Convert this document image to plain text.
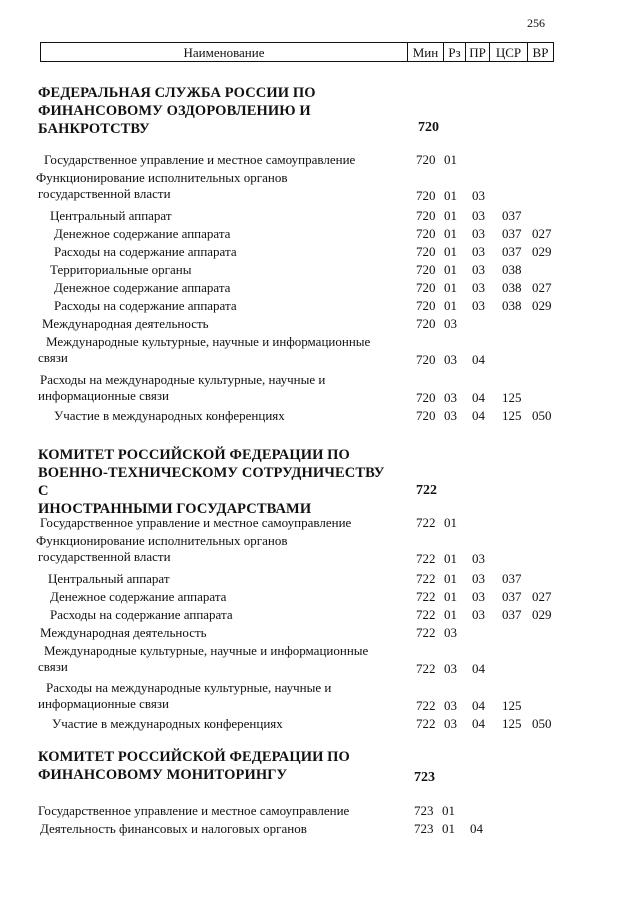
256
Наименование	Мин Рз ПР ЦСР ВР
ФЕДЕРАЛЬНАЯ СЛУЖБА РОССИИ ПО
ФИНАНСОВОМУ ОЗДОРОВЛЕНИЮ И
БАНКРОТСТВУ	720
Государственное управление и местное самоуправление	720 01
Функционирование исполнительных органов
государственной власти	720 01 03
Центральный аппарат	720 01 03 037
Денежное содержание аппарата	720 01 03 037 027
Расходы на содержание аппарата	720 01 03 037 029
Территориальные органы	720 01 03 038
Денежное содержание аппарата	720 01 03 038 027
Расходы на содержание аппарата	720 01 03 038 029
Международная деятельность	720 03
Международные культурные, научные и информационные
связи	720 03 04
Расходы на международные культурные, научные и
информационные связи	720 03 04 125
Участие в международных конференциях	720 03 04 125 050
КОМИТЕТ РОССИЙСКОЙ ФЕДЕРАЦИИ ПО
ВОЕННО-ТЕХНИЧЕСКОМУ СОТРУДНИЧЕСТВУ С
ИНОСТРАННЫМИ ГОСУДАРСТВАМИ
722
Государственное управление и местное самоуправление	722 01
Функционирование исполнительных органов
государственной власти	722 01 03
Центральный аппарат	722 01 03 037
Денежное содержание аппарата	722 01 03 037 027
Расходы на содержание аппарата	722 01 03 037 029
Международная деятельность	722 03
Международные культурные, научные и информационные
связи	722 03 04
Расходы на международные культурные, научные и
информационные связи	722 03 04 125
Участие в международных конференциях	722 03 04 125 050
КОМИТЕТ РОССИЙСКОЙ ФЕДЕРАЦИИ ПО
ФИНАНСОВОМУ МОНИТОРИНГУ	723
Государственное управление и местное самоуправление	723 01
Деятельность финансовых и налоговых органов	723 01 04
